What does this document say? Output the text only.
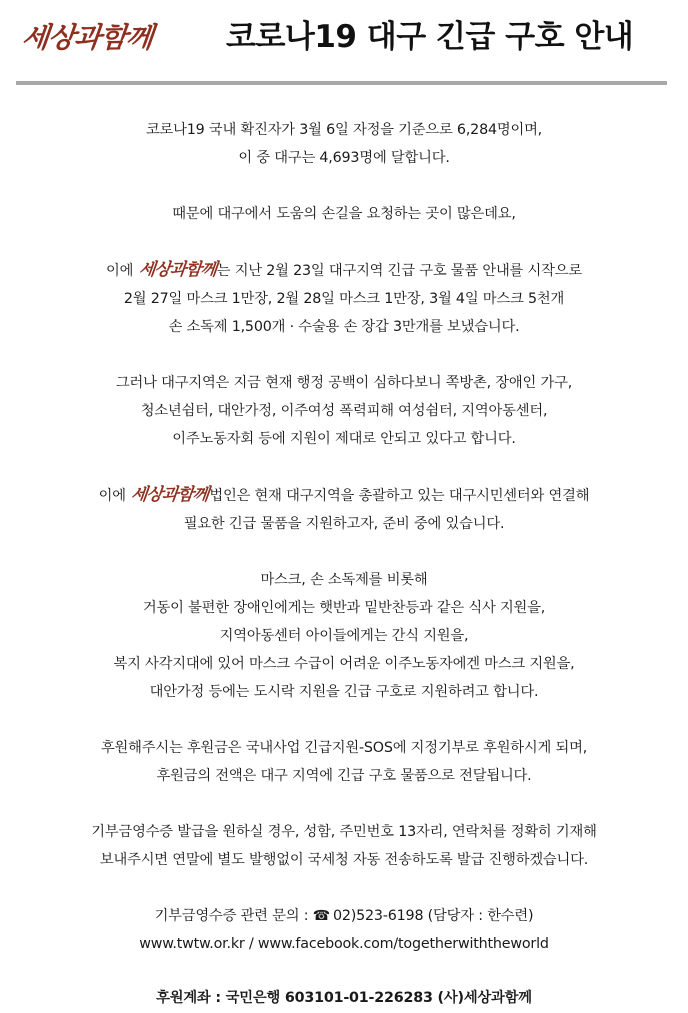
세상과함께 코로나19 대구 긴급 구호 안내
코로나19 국내 확진자가 3월 6일 자정을 기준으로 6,284명이며,
이 중 대구는 4,693명에 달합니다.
때문에 대구에서 도움의 손길을 요청하는 곳이 많은데요,
이에 세상과함께는 지난 2월 23일 대구지역 긴급 구호 물품 안내를 시작으로
2월 27일 마스크 1만장, 2월 28일 마스크 1만장, 3월 4일 마스크 5천개
손 소독제 1,500개 · 수술용 손 장갑 3만개를 보냈습니다.
그러나 대구지역은 지금 현재 행정 공백이 심하다보니 쪽방촌, 장애인 가구,
청소년쉼터, 대안가정, 이주여성 폭력피해 여성쉼터, 지역아동센터,
이주노동자회 등에 지원이 제대로 안되고 있다고 합니다.
이에 세상과함께법인은 현재 대구지역을 총괄하고 있는 대구시민센터와 연결해
필요한 긴급 물품을 지원하고자, 준비 중에 있습니다.
마스크, 손 소독제를 비롯해
거동이 불편한 장애인에게는 햇반과 밑반찬등과 같은 식사 지원을,
지역아동센터 아이들에게는 간식 지원을,
복지 사각지대에 있어 마스크 수급이 어려운 이주노동자에겐 마스크 지원을,
대안가정 등에는 도시락 지원을 긴급 구호로 지원하려고 합니다.
후원해주시는 후원금은 국내사업 긴급지원-SOS에 지정기부로 후원하시게 되며,
후원금의 전액은 대구 지역에 긴급 구호 물품으로 전달됩니다.
기부금영수증 발급을 원하실 경우, 성함, 주민번호 13자리, 연락처를 정확히 기재해
보내주시면 연말에 별도 발행없이 국세청 자동 전송하도록 발급 진행하겠습니다.
기부금영수증 관련 문의 : ☎ 02)523-6198 (담당자 : 한수련)
www.twtw.or.kr / www.facebook.com/togetherwiththeworld
후원계좌 : 국민은행 603101-01-226283 (사)세상과함께
